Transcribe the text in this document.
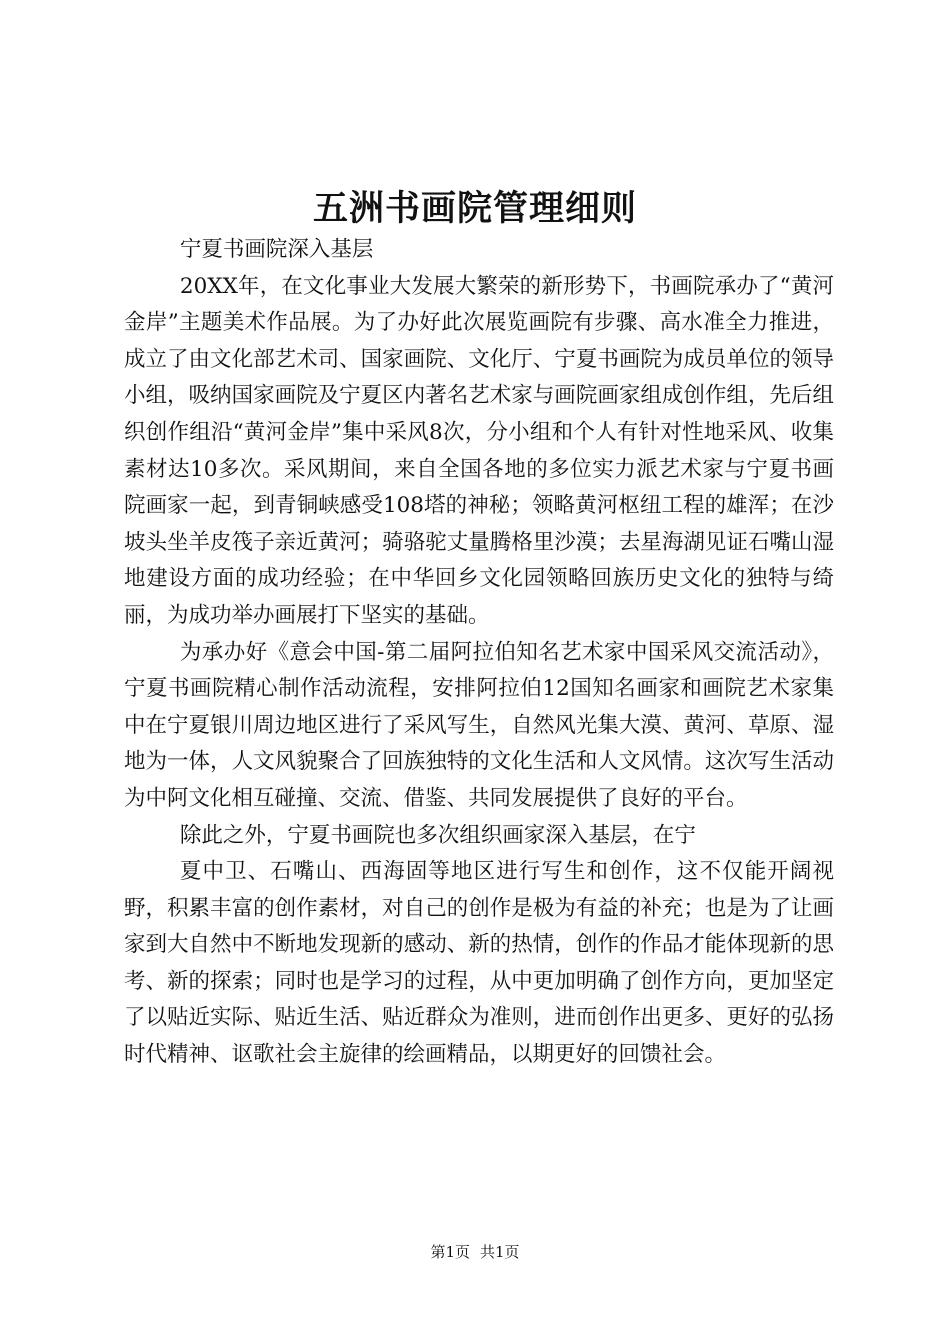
五洲书画院管理细则

宁夏书画院深入基层

20XX年，在文化事业大发展大繁荣的新形势下，书画院承办了“黄河金岸”主题美术作品展。为了办好此次展览画院有步骤、高水准全力推进，成立了由文化部艺术司、国家画院、文化厅、宁夏书画院为成员单位的领导小组，吸纳国家画院及宁夏区内著名艺术家与画院画家组成创作组，先后组织创作组沿“黄河金岸”集中采风8次，分小组和个人有针对性地采风、收集素材达10多次。采风期间，来自全国各地的多位实力派艺术家与宁夏书画院画家一起，到青铜峡感受108塔的神秘；领略黄河枢纽工程的雄浑；在沙坡头坐羊皮筏子亲近黄河；骑骆驼丈量腾格里沙漠；去星海湖见证石嘴山湿地建设方面的成功经验；在中华回乡文化园领略回族历史文化的独特与绮丽，为成功举办画展打下坚实的基础。

为承办好《意会中国-第二届阿拉伯知名艺术家中国采风交流活动》，宁夏书画院精心制作活动流程，安排阿拉伯12国知名画家和画院艺术家集中在宁夏银川周边地区进行了采风写生，自然风光集大漠、黄河、草原、湿地为一体，人文风貌聚合了回族独特的文化生活和人文风情。这次写生活动为中阿文化相互碰撞、交流、借鉴、共同发展提供了良好的平台。

除此之外，宁夏书画院也多次组织画家深入基层，在宁

夏中卫、石嘴山、西海固等地区进行写生和创作，这不仅能开阔视野，积累丰富的创作素材，对自己的创作是极为有益的补充；也是为了让画家到大自然中不断地发现新的感动、新的热情，创作的作品才能体现新的思考、新的探索；同时也是学习的过程，从中更加明确了创作方向，更加坚定了以贴近实际、贴近生活、贴近群众为准则，进而创作出更多、更好的弘扬时代精神、讴歌社会主旋律的绘画精品，以期更好的回馈社会。

第1页 共1页
